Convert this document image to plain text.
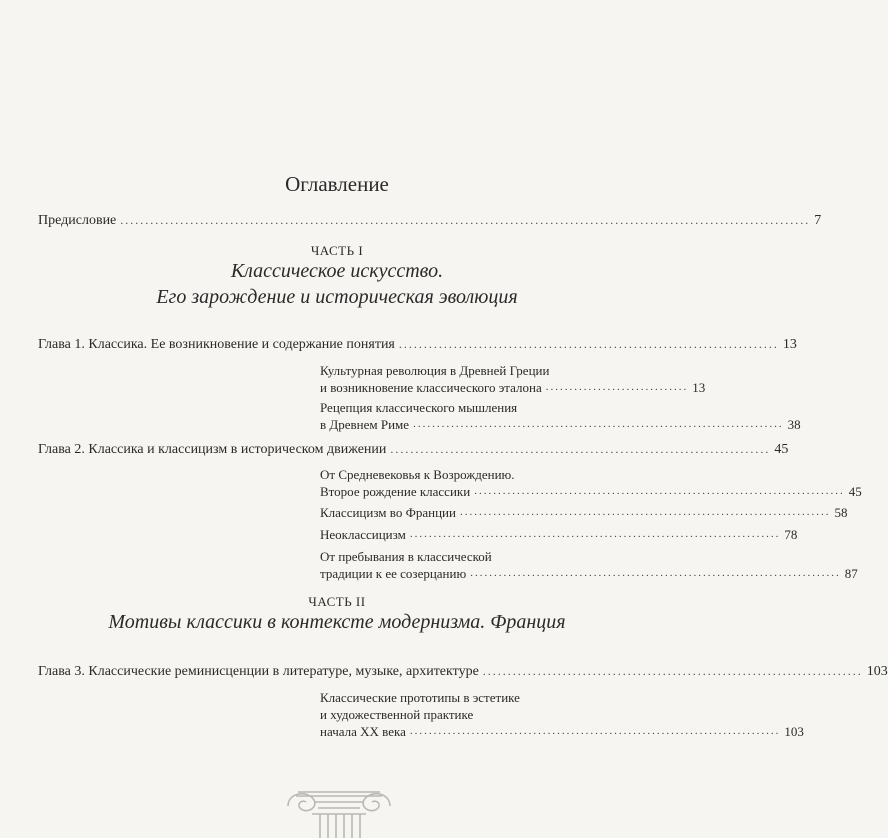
Оглавление
Предисловие .......................................................................................................................................... 7
ЧАСТЬ I
Классическое искусство.
Его зарождение и историческая эволюция
Глава 1. Классика. Ее возникновение и содержание понятия ............................................................................ 13
Культурная революция в Древней Греции
и возникновение классического эталона .............................. 13
Рецепция классического мышления
в Древнем Риме .............................................................................. 38
Глава 2. Классика и классицизм в историческом движении ............................................................................ 45
От Средневековья к Возрождению.
Второе рождение классики .............................................................................. 45
Классицизм во Франции .............................................................................. 58
Неоклассицизм .............................................................................. 78
От пребывания в классической
традиции к ее созерцанию .............................................................................. 87
ЧАСТЬ II
Мотивы классики в контексте модернизма. Франция
Глава 3. Классические реминисценции в литературе, музыке, архитектуре ............................................................................ 103
Классические прототипы в эстетике
и художественной практике
начала XX века .............................................................................. 103
